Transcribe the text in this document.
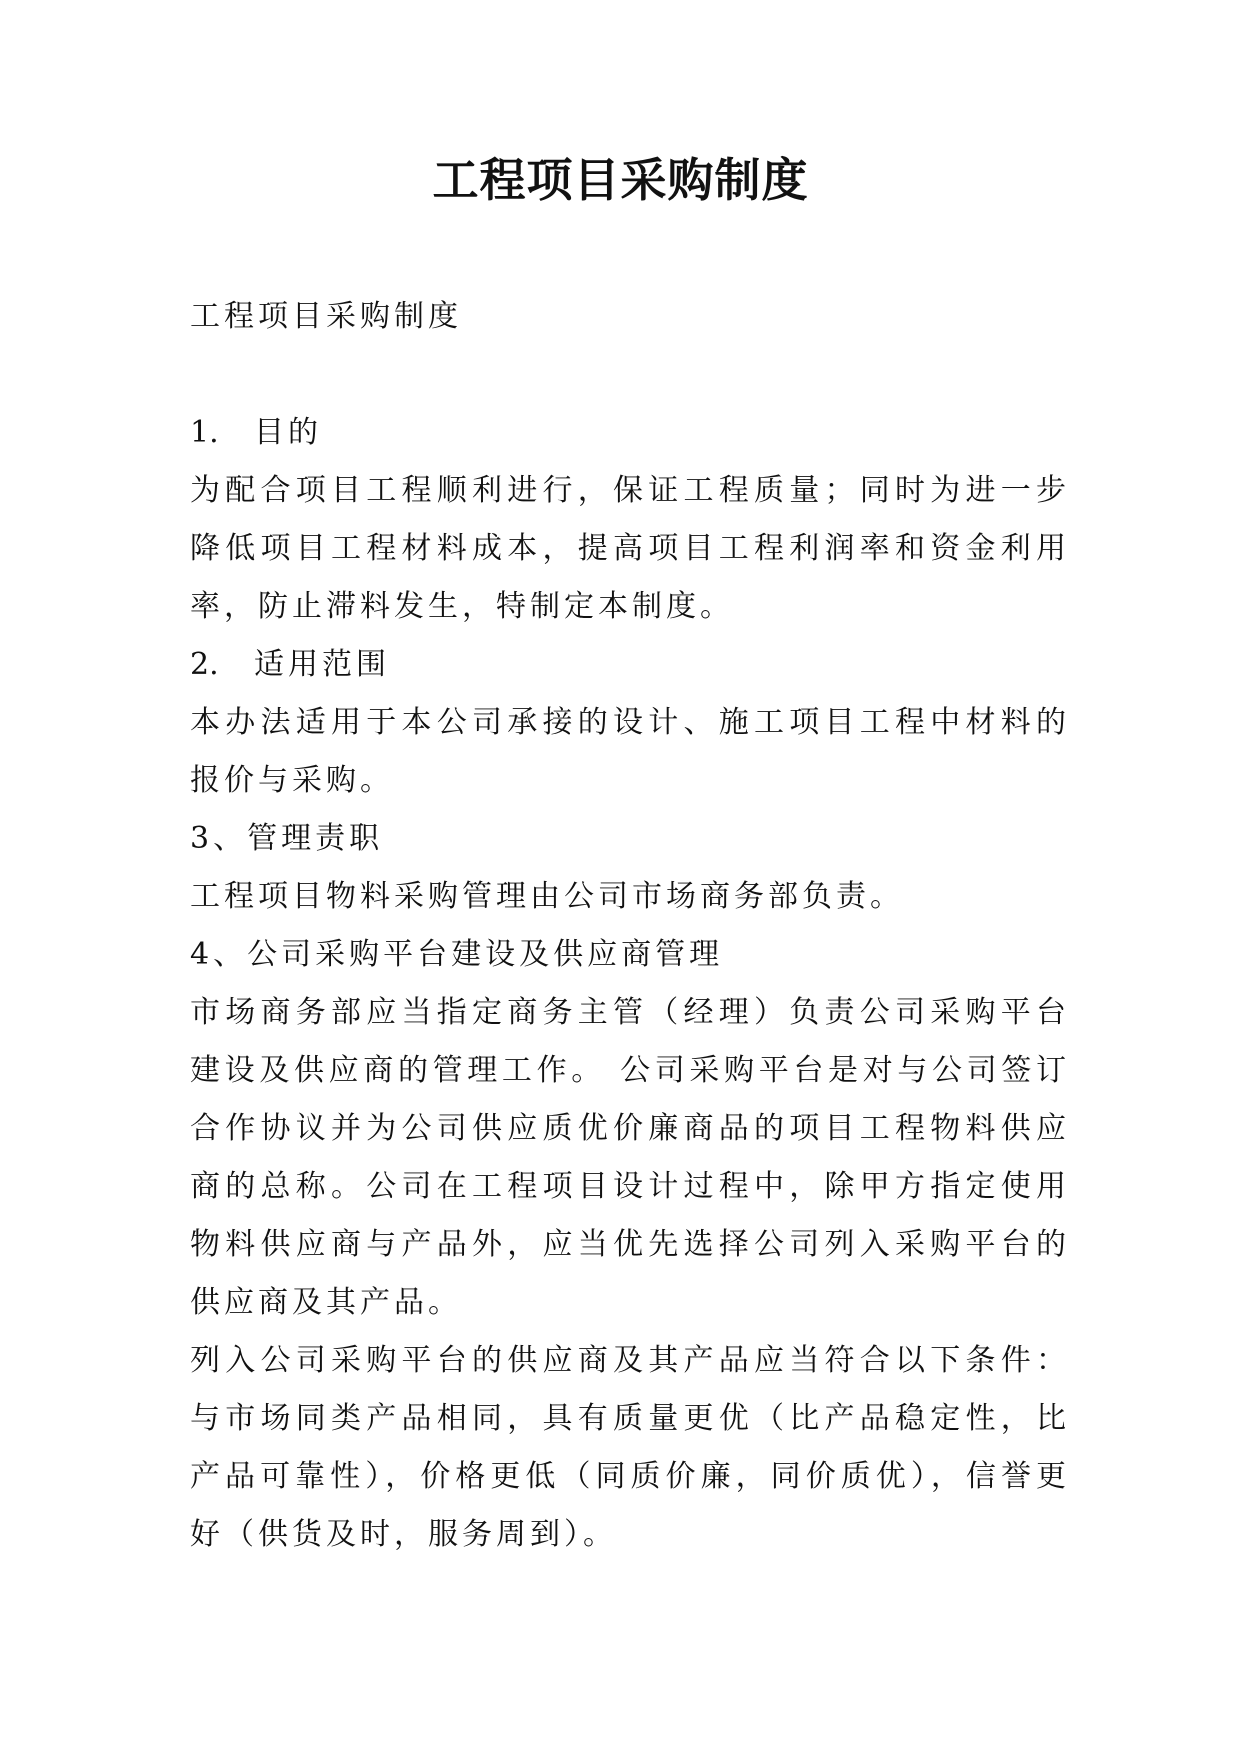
工程项目采购制度

工程项目采购制度

1. 目的

为配合项目工程顺利进行，保证工程质量；同时为进一步降低项目工程材料成本，提高项目工程利润率和资金利用率，防止滞料发生，特制定本制度。

2. 适用范围

本办法适用于本公司承接的设计、施工项目工程中材料的报价与采购。

3、管理责职

工程项目物料采购管理由公司市场商务部负责。

4、公司采购平台建设及供应商管理

市场商务部应当指定商务主管（经理）负责公司采购平台建设及供应商的管理工作。 公司采购平台是对与公司签订合作协议并为公司供应质优价廉商品的项目工程物料供应商的总称。公司在工程项目设计过程中，除甲方指定使用物料供应商与产品外，应当优先选择公司列入采购平台的供应商及其产品。

列入公司采购平台的供应商及其产品应当符合以下条件：与市场同类产品相同，具有质量更优（比产品稳定性，比产品可靠性），价格更低（同质价廉，同价质优），信誉更好（供货及时，服务周到）。
